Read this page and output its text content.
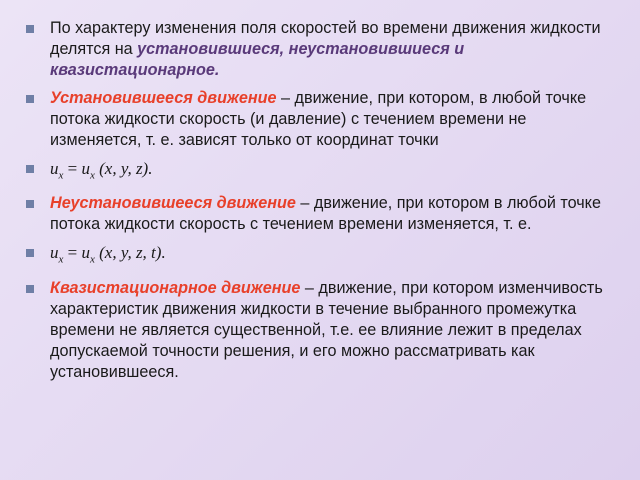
По характеру изменения поля скоростей во времени движения жидкости делятся на установившиеся, неустановившиеся и квазистационарное.
Установившееся движение – движение, при котором, в любой точке потока жидкости скорость (и давление) с течением времени не изменяется, т. е. зависят только от координат точки
$u_x = u_x$ (x, y, z).
Неустановившееся движение – движение, при котором в любой точке потока жидкости скорость с течением времени изменяется, т. е.
$u_x = u_x$ (x, y, z, t).
Квазистационарное движение – движение, при котором изменчивость характеристик движения жидкости в течение выбранного промежутка времени не является существенной, т.е. ее влияние лежит в пределах допускаемой точности решения, и его можно рассматривать как установившееся.
